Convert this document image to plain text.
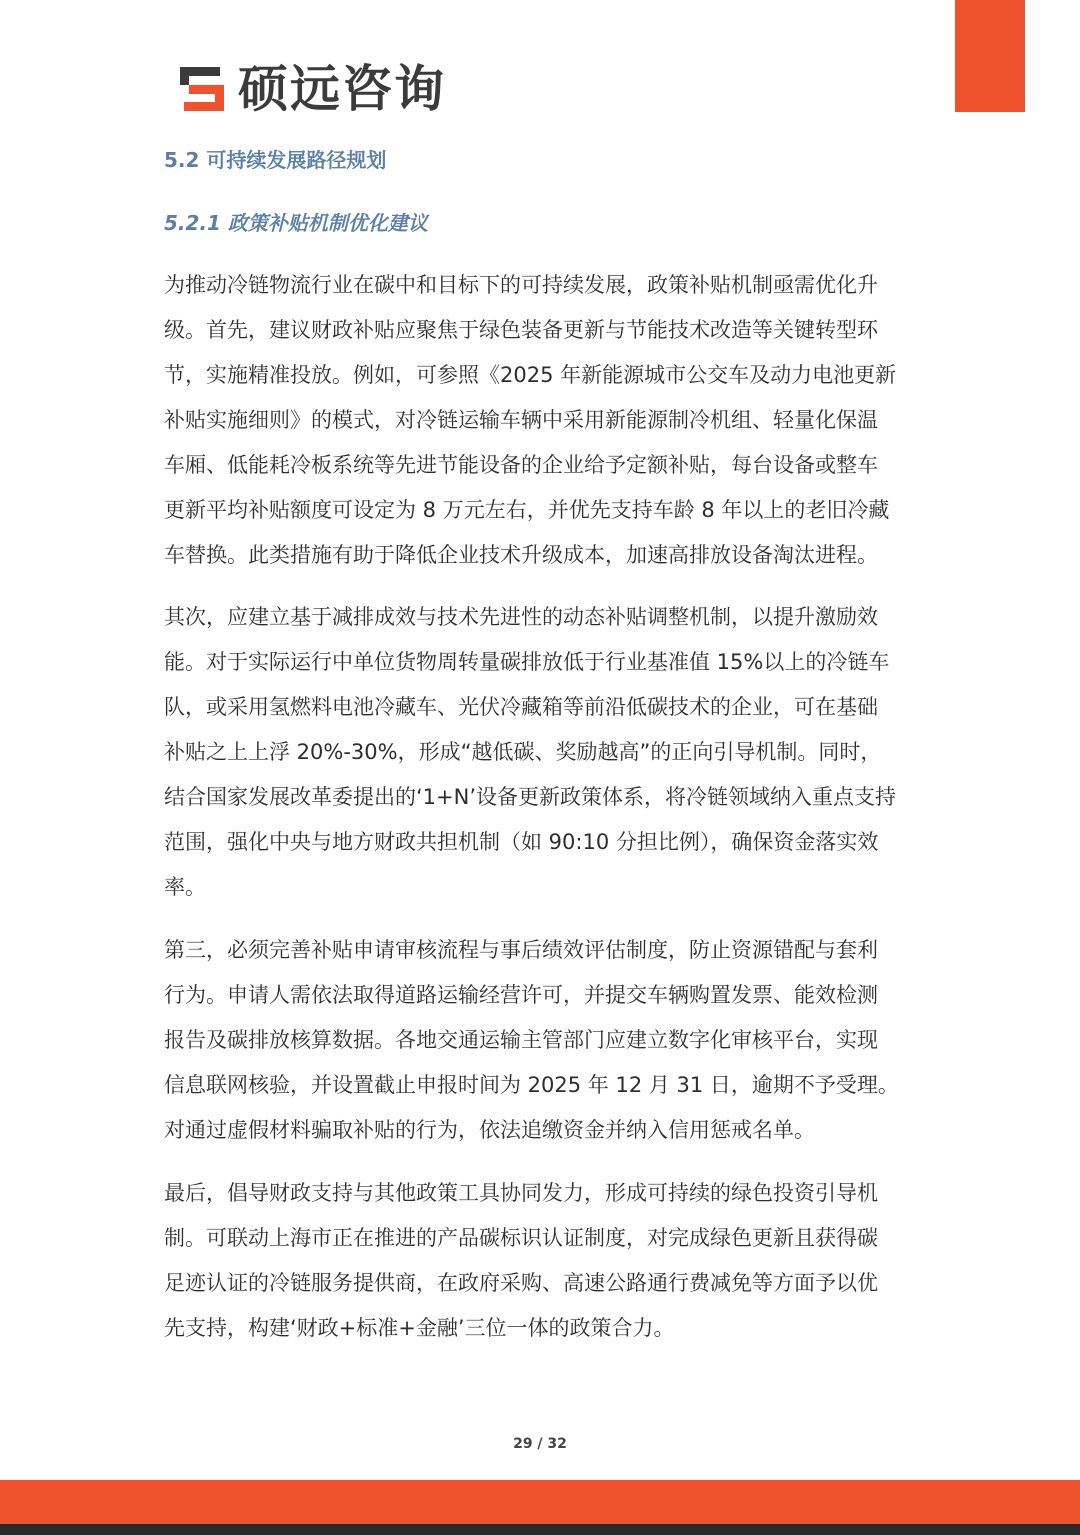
硕远咨询
5.2 可持续发展路径规划
5.2.1 政策补贴机制优化建议
为推动冷链物流行业在碳中和目标下的可持续发展，政策补贴机制亟需优化升
级。首先，建议财政补贴应聚焦于绿色装备更新与节能技术改造等关键转型环
节，实施精准投放。例如，可参照《2025 年新能源城市公交车及动力电池更新
补贴实施细则》的模式，对冷链运输车辆中采用新能源制冷机组、轻量化保温
车厢、低能耗冷板系统等先进节能设备的企业给予定额补贴，每台设备或整车
更新平均补贴额度可设定为 8 万元左右，并优先支持车龄 8 年以上的老旧冷藏
车替换。此类措施有助于降低企业技术升级成本，加速高排放设备淘汰进程。
其次，应建立基于减排成效与技术先进性的动态补贴调整机制，以提升激励效
能。对于实际运行中单位货物周转量碳排放低于行业基准值 15%以上的冷链车
队，或采用氢燃料电池冷藏车、光伏冷藏箱等前沿低碳技术的企业，可在基础
补贴之上上浮 20%-30%，形成“越低碳、奖励越高”的正向引导机制。同时，
结合国家发展改革委提出的‘1+N’设备更新政策体系，将冷链领域纳入重点支持
范围，强化中央与地方财政共担机制（如 90:10 分担比例），确保资金落实效
率。
第三，必须完善补贴申请审核流程与事后绩效评估制度，防止资源错配与套利
行为。申请人需依法取得道路运输经营许可，并提交车辆购置发票、能效检测
报告及碳排放核算数据。各地交通运输主管部门应建立数字化审核平台，实现
信息联网核验，并设置截止申报时间为 2025 年 12 月 31 日，逾期不予受理。
对通过虚假材料骗取补贴的行为，依法追缴资金并纳入信用惩戒名单。
最后，倡导财政支持与其他政策工具协同发力，形成可持续的绿色投资引导机
制。可联动上海市正在推进的产品碳标识认证制度，对完成绿色更新且获得碳
足迹认证的冷链服务提供商，在政府采购、高速公路通行费减免等方面予以优
先支持，构建‘财政+标准+金融’三位一体的政策合力。
29 / 32
